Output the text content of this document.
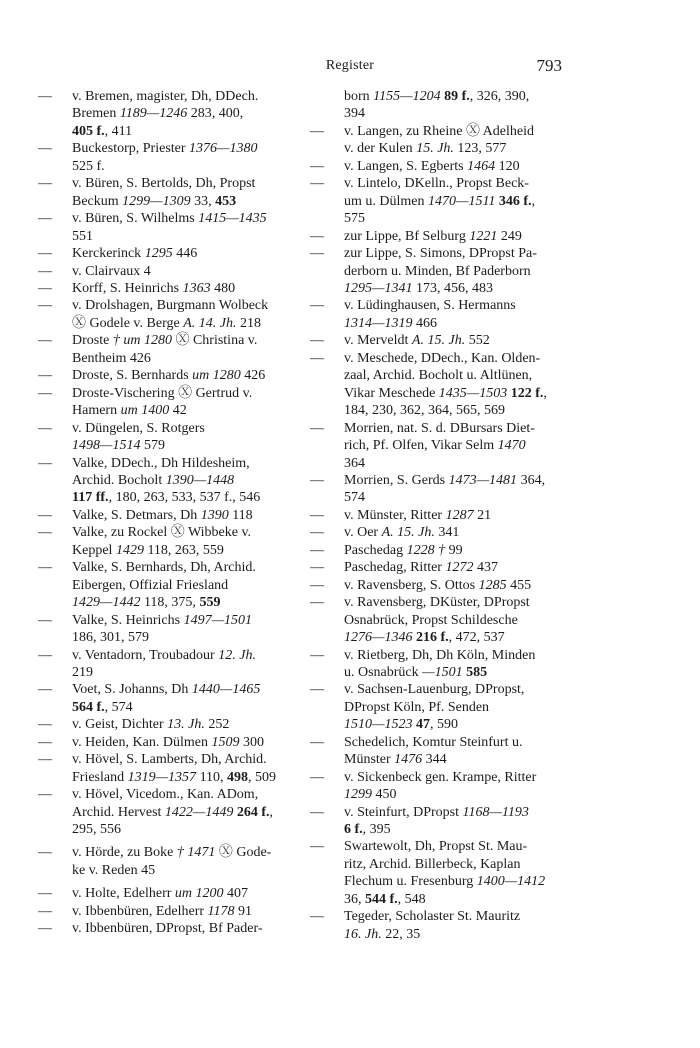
Register	793
— v. Bremen, magister, Dh, DDech.
Bremen 1189—1246 283, 400,
405 f., 411
— Buckestorp, Priester 1376—1380
525 f.
— v. Büren, S. Bertolds, Dh, Propst
Beckum 1299—1309 33, 453
— v. Büren, S. Wilhelms 1415—1435
551
— Kerckerinck 1295 446
— v. Clairvaux 4
— Korff, S. Heinrichs 1363 480
— v. Drolshagen, Burgmann Wolbeck
Ⓧ Godele v. Berge A. 14. Jh. 218
— Droste † um 1280 Ⓧ Christina v.
Bentheim 426
— Droste, S. Bernhards um 1280 426
— Droste-Vischering Ⓧ Gertrud v.
Hamern um 1400 42
— v. Düngelen, S. Rotgers
1498—1514 579
— Valke, DDech., Dh Hildesheim,
Archid. Bocholt 1390—1448
117 ff., 180, 263, 533, 537 f., 546
— Valke, S. Detmars, Dh 1390 118
— Valke, zu Rockel Ⓧ Wibbeke v.
Keppel 1429 118, 263, 559
— Valke, S. Bernhards, Dh, Archid.
Eibergen, Offizial Friesland
1429—1442 118, 375, 559
— Valke, S. Heinrichs 1497—1501
186, 301, 579
— v. Ventadorn, Troubadour 12. Jh.
219
— Voet, S. Johanns, Dh 1440—1465
564 f., 574
— v. Geist, Dichter 13. Jh. 252
— v. Heiden, Kan. Dülmen 1509 300
— v. Hövel, S. Lamberts, Dh, Archid.
Friesland 1319—1357 110, 498, 509
— v. Hövel, Vicedom., Kan. ADom,
Archid. Hervest 1422—1449 264 f.,
295, 556
— v. Hörde, zu Boke † 1471 Ⓧ Gode-
ke v. Reden 45
— v. Holte, Edelherr um 1200 407
— v. Ibbenbüren, Edelherr 1178 91
— v. Ibbenbüren, DPropst, Bf Pader-
born 1155—1204 89 f., 326, 390,
394
— v. Langen, zu Rheine Ⓧ Adelheid
v. der Kulen 15. Jh. 123, 577
— v. Langen, S. Egberts 1464 120
— v. Lintelo, DKelln., Propst Beck-
um u. Dülmen 1470—1511 346 f.,
575
— zur Lippe, Bf Selburg 1221 249
— zur Lippe, S. Simons, DPropst Pa-
derborn u. Minden, Bf Paderborn
1295—1341 173, 456, 483
— v. Lüdinghausen, S. Hermanns
1314—1319 466
— v. Merveldt A. 15. Jh. 552
— v. Meschede, DDech., Kan. Olden-
zaal, Archid. Bocholt u. Altlünen,
Vikar Meschede 1435—1503 122 f.,
184, 230, 362, 364, 565, 569
— Morrien, nat. S. d. DBursars Diet-
rich, Pf. Olfen, Vikar Selm 1470
364
— Morrien, S. Gerds 1473—1481 364,
574
— v. Münster, Ritter 1287 21
— v. Oer A. 15. Jh. 341
— Paschedag 1228 † 99
— Paschedag, Ritter 1272 437
— v. Ravensberg, S. Ottos 1285 455
— v. Ravensberg, DKüster, DPropst
Osnabrück, Propst Schildesche
1276—1346 216 f., 472, 537
— v. Rietberg, Dh, Dh Köln, Minden
u. Osnabrück —1501 585
— v. Sachsen-Lauenburg, DPropst,
DPropst Köln, Pf. Senden
1510—1523 47, 590
— Schedelich, Komtur Steinfurt u.
Münster 1476 344
— v. Sickenbeck gen. Krampe, Ritter
1299 450
— v. Steinfurt, DPropst 1168—1193
6 f., 395
— Swartewolt, Dh, Propst St. Mau-
ritz, Archid. Billerbeck, Kaplan
Flechum u. Fresenburg 1400—1412
36, 544 f., 548
— Tegeder, Scholaster St. Mauritz
16. Jh. 22, 35
